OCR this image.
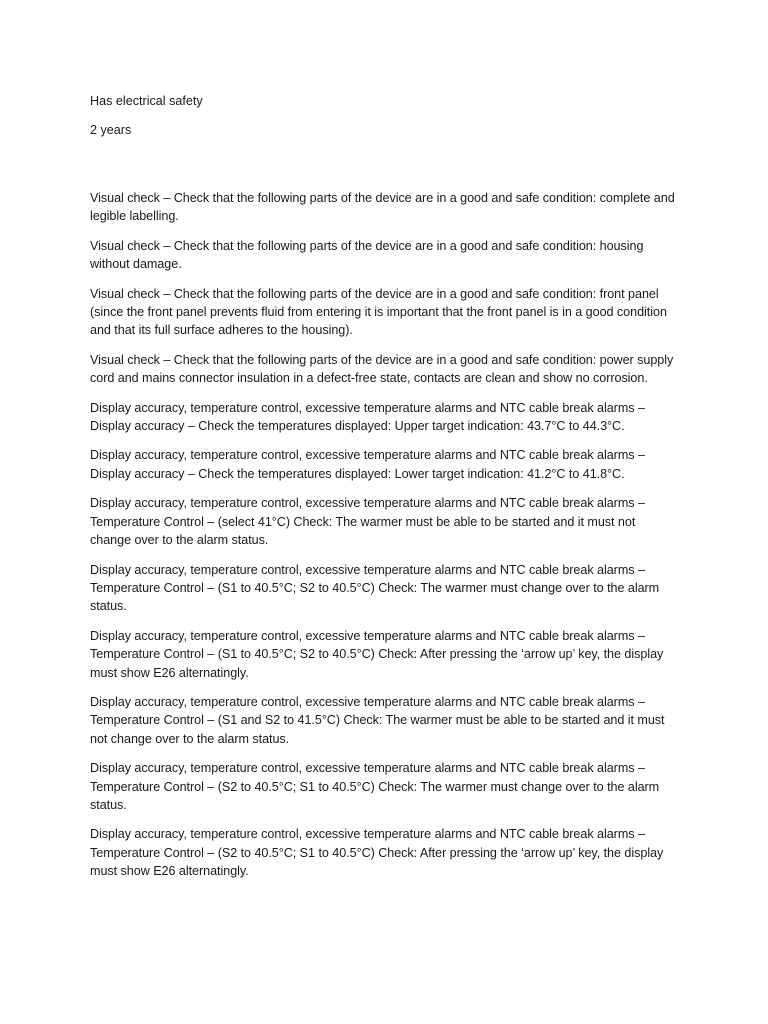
Has electrical safety

2 years

Visual check – Check that the following parts of the device are in a good and safe condition: complete and legible labelling.

Visual check – Check that the following parts of the device are in a good and safe condition: housing without damage.

Visual check – Check that the following parts of the device are in a good and safe condition: front panel (since the front panel prevents fluid from entering it is important that the front panel is in a good condition and that its full surface adheres to the housing).

Visual check – Check that the following parts of the device are in a good and safe condition: power supply cord and mains connector insulation in a defect-free state, contacts are clean and show no corrosion.

Display accuracy, temperature control, excessive temperature alarms and NTC cable break alarms – Display accuracy – Check the temperatures displayed: Upper target indication: 43.7°C to 44.3°C.

Display accuracy, temperature control, excessive temperature alarms and NTC cable break alarms – Display accuracy – Check the temperatures displayed: Lower target indication: 41.2°C to 41.8°C.

Display accuracy, temperature control, excessive temperature alarms and NTC cable break alarms – Temperature Control – (select 41°C) Check: The warmer must be able to be started and it must not change over to the alarm status.

Display accuracy, temperature control, excessive temperature alarms and NTC cable break alarms – Temperature Control – (S1 to 40.5°C; S2 to 40.5°C) Check: The warmer must change over to the alarm status.

Display accuracy, temperature control, excessive temperature alarms and NTC cable break alarms – Temperature Control – (S1 to 40.5°C; S2 to 40.5°C) Check: After pressing the ‘arrow up’ key, the display must show E26 alternatingly.

Display accuracy, temperature control, excessive temperature alarms and NTC cable break alarms – Temperature Control – (S1 and S2 to 41.5°C) Check: The warmer must be able to be started and it must not change over to the alarm status.

Display accuracy, temperature control, excessive temperature alarms and NTC cable break alarms – Temperature Control – (S2 to 40.5°C; S1 to 40.5°C) Check: The warmer must change over to the alarm status.

Display accuracy, temperature control, excessive temperature alarms and NTC cable break alarms – Temperature Control – (S2 to 40.5°C; S1 to 40.5°C) Check: After pressing the ‘arrow up’ key, the display must show E26 alternatingly.
